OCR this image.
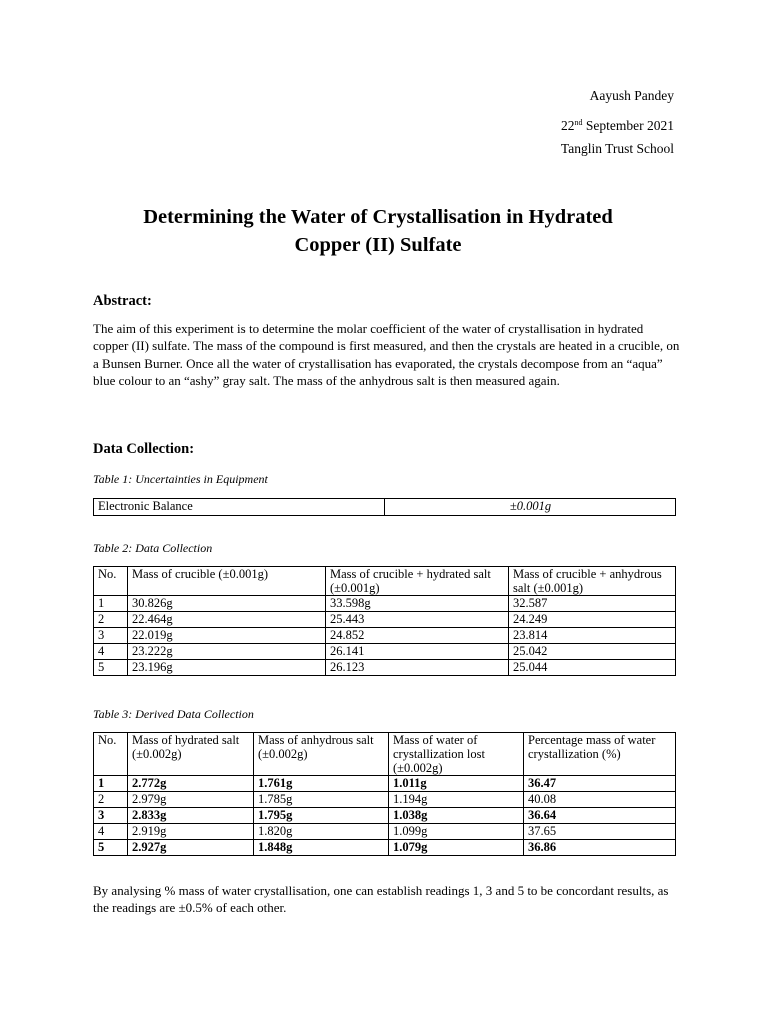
Aayush Pandey
22nd September 2021
Tanglin Trust School
Determining the Water of Crystallisation in Hydrated
Copper (II) Sulfate
Abstract:
The aim of this experiment is to determine the molar coefficient of the water of crystallisation in hydrated copper (II) sulfate. The mass of the compound is first measured, and then the crystals are heated in a crucible, on a Bunsen Burner. Once all the water of crystallisation has evaporated, the crystals decompose from an “aqua” blue colour to an “ashy” gray salt. The mass of the anhydrous salt is then measured again.
Data Collection:
Table 1: Uncertainties in Equipment
Electronic Balance	±0.001g
Table 2: Data Collection
No.	Mass of crucible (±0.001g)	Mass of crucible + hydrated salt (±0.001g)	Mass of crucible + anhydrous salt (±0.001g)
1	30.826g	33.598g	32.587
2	22.464g	25.443	24.249
3	22.019g	24.852	23.814
4	23.222g	26.141	25.042
5	23.196g	26.123	25.044
Table 3: Derived Data Collection
No.	Mass of hydrated salt (±0.002g)	Mass of anhydrous salt (±0.002g)	Mass of water of crystallization lost (±0.002g)	Percentage mass of water crystallization (%)
1	2.772g	1.761g	1.011g	36.47
2	2.979g	1.785g	1.194g	40.08
3	2.833g	1.795g	1.038g	36.64
4	2.919g	1.820g	1.099g	37.65
5	2.927g	1.848g	1.079g	36.86
By analysing % mass of water crystallisation, one can establish readings 1, 3 and 5 to be concordant results, as the readings are ±0.5% of each other.
